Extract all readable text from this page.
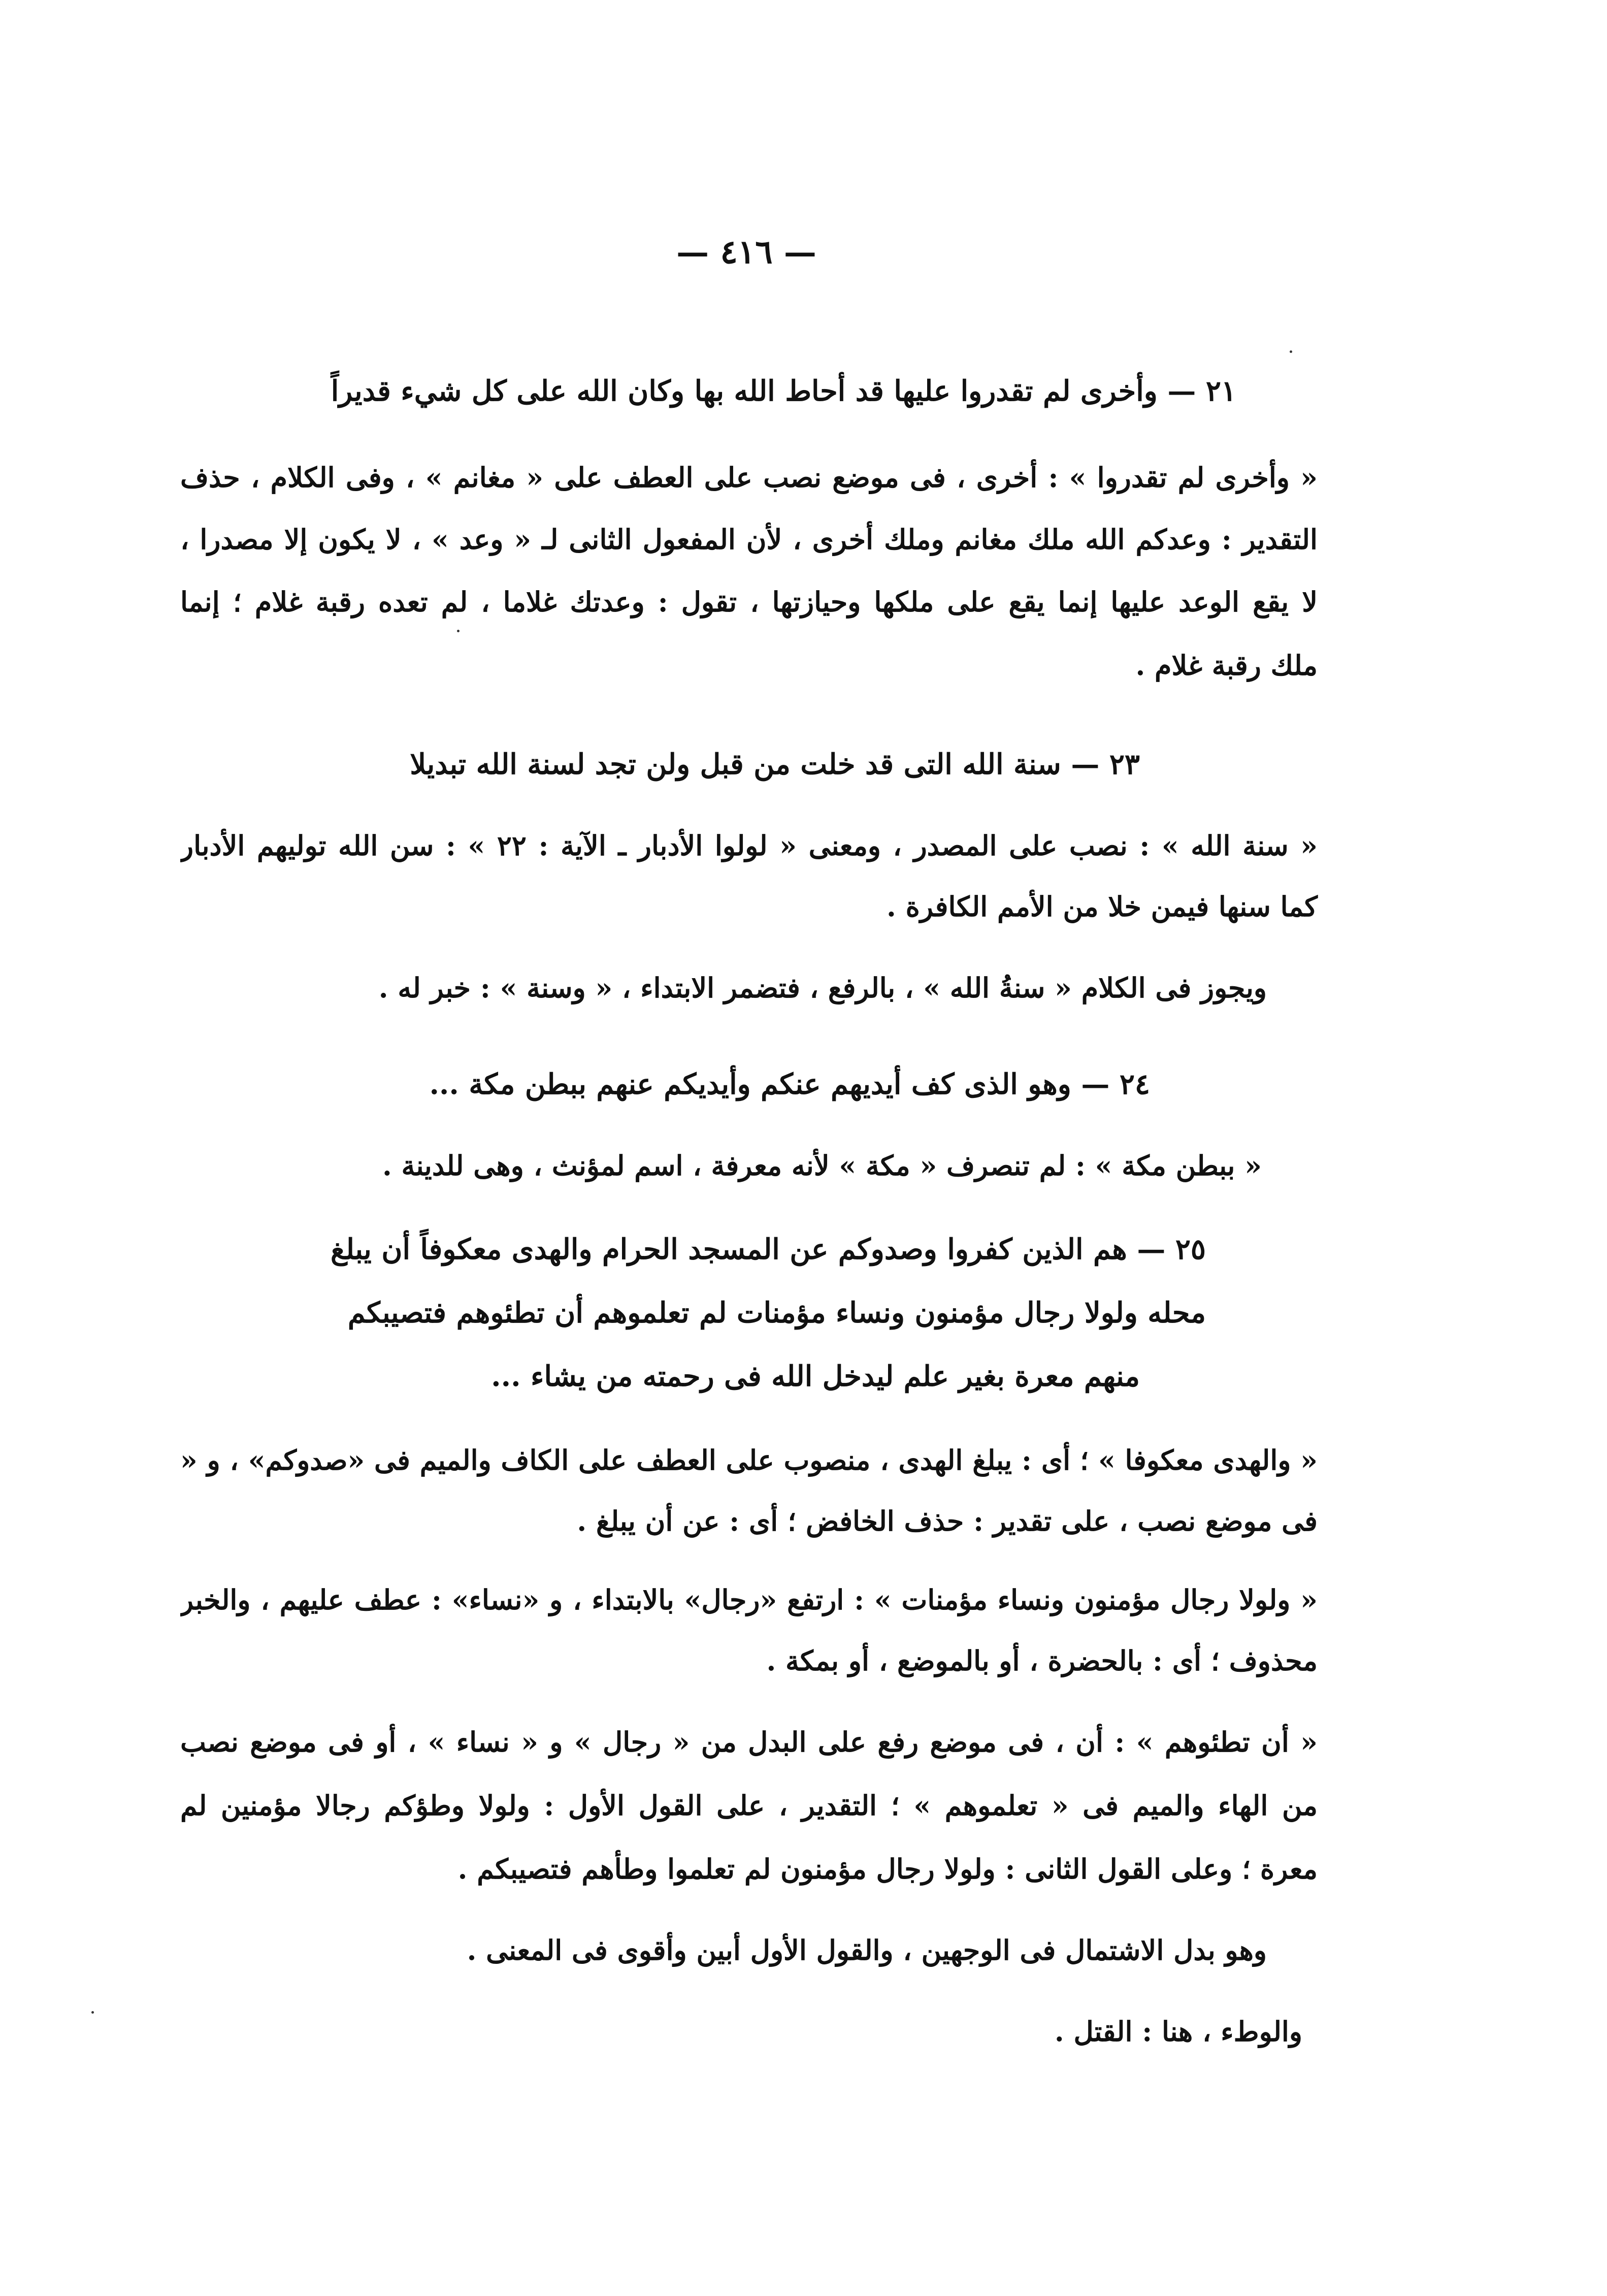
— ٤١٦ —
٢١ — وأخرى لم تقدروا عليها قد أحاط الله بها وكان الله على كل شيء قديراً
« وأخرى لم تقدروا » : أخرى ، فى موضع نصب على العطف على « مغانم » ، وفى الكلام ، حذف
التقدير : وعدكم الله ملك مغانم وملك أخرى ، لأن المفعول الثانى لـ « وعد » ، لا يكون إلا مصدرا ،
لا يقع الوعد عليها إنما يقع على ملكها وحيازتها ، تقول : وعدتك غلاما ، لم تعده رقبة غلام ؛ إنما
ملك رقبة غلام .
٢٣ — سنة الله التى قد خلت من قبل ولن تجد لسنة الله تبديلا
« سنة الله » : نصب على المصدر ، ومعنى « لولوا الأدبار ـ الآية : ٢٢ » : سن الله توليهم الأدبار
كما سنها فيمن خلا من الأمم الكافرة .
ويجوز فى الكلام « سنةُ الله » ، بالرفع ، فتضمر الابتداء ، « وسنة » : خبر له .
٢٤ — وهو الذى كف أيديهم عنكم وأيديكم عنهم ببطن مكة ...
« ببطن مكة » : لم تنصرف « مكة » لأنه معرفة ، اسم لمؤنث ، وهى للدينة .
٢٥ — هم الذين كفروا وصدوكم عن المسجد الحرام والهدى معكوفاً أن يبلغ
محله ولولا رجال مؤمنون ونساء مؤمنات لم تعلموهم أن تطئوهم فتصيبكم
منهم معرة بغير علم ليدخل الله فى رحمته من يشاء ...
« والهدى معكوفا » ؛ أى : يبلغ الهدى ، منصوب على العطف على الكاف والميم فى «صدوكم» ، و «
فى موضع نصب ، على تقدير : حذف الخافض ؛ أى : عن أن يبلغ .
« ولولا رجال مؤمنون ونساء مؤمنات » : ارتفع «رجال» بالابتداء ، و «نساء» : عطف عليهم ، والخبر
محذوف ؛ أى : بالحضرة ، أو بالموضع ، أو بمكة .
« أن تطئوهم » : أن ، فى موضع رفع على البدل من « رجال » و « نساء » ، أو فى موضع نصب
من الهاء والميم فى « تعلموهم » ؛ التقدير ، على القول الأول : ولولا وطؤكم رجالا مؤمنين لم
معرة ؛ وعلى القول الثانى : ولولا رجال مؤمنون لم تعلموا وطأهم فتصيبكم .
وهو بدل الاشتمال فى الوجهين ، والقول الأول أبين وأقوى فى المعنى .
والوطء ، هنا : القتل .
